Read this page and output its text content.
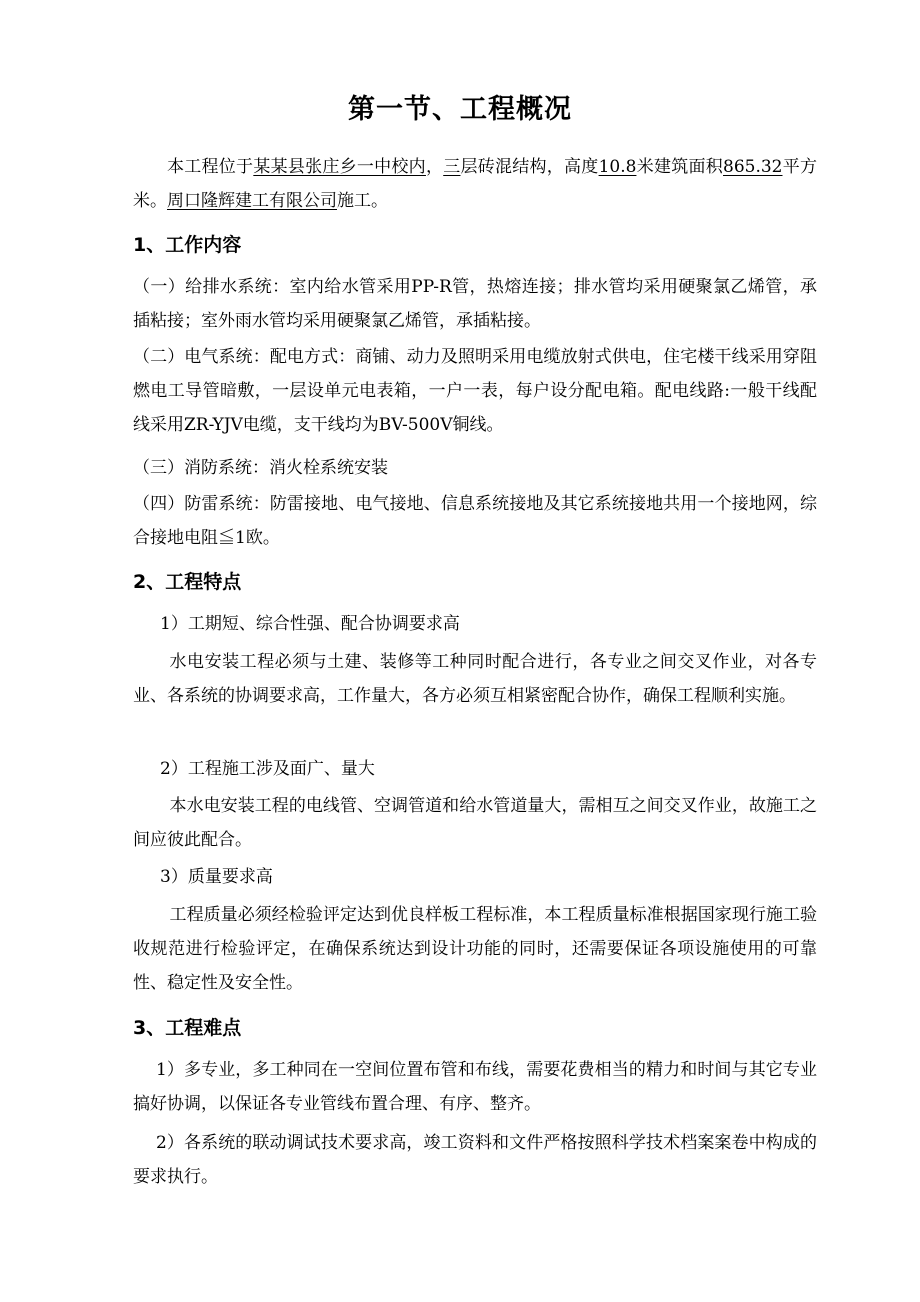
第一节、工程概况
本工程位于某某县张庄乡一中校内，三层砖混结构，高度10.8米建筑面积865.32平方米。周口隆辉建工有限公司施工。
1、工作内容
（一）给排水系统：室内给水管采用PP-R管，热熔连接；排水管均采用硬聚氯乙烯管，承插粘接；室外雨水管均采用硬聚氯乙烯管，承插粘接。
（二）电气系统：配电方式：商铺、动力及照明采用电缆放射式供电，住宅楼干线采用穿阻燃电工导管暗敷，一层设单元电表箱，一户一表，每户设分配电箱。配电线路:一般干线配线采用ZR-YJV电缆，支干线均为BV-500V铜线。
（三）消防系统：消火栓系统安装
（四）防雷系统：防雷接地、电气接地、信息系统接地及其它系统接地共用一个接地网，综合接地电阻≦1欧。
2、工程特点
1）工期短、综合性强、配合协调要求高
水电安装工程必须与土建、装修等工种同时配合进行，各专业之间交叉作业，对各专业、各系统的协调要求高，工作量大，各方必须互相紧密配合协作，确保工程顺利实施。
2）工程施工涉及面广、量大
本水电安装工程的电线管、空调管道和给水管道量大，需相互之间交叉作业，故施工之间应彼此配合。
3）质量要求高
工程质量必须经检验评定达到优良样板工程标准，本工程质量标准根据国家现行施工验收规范进行检验评定，在确保系统达到设计功能的同时，还需要保证各项设施使用的可靠性、稳定性及安全性。
3、工程难点
1）多专业，多工种同在一空间位置布管和布线，需要花费相当的精力和时间与其它专业搞好协调，以保证各专业管线布置合理、有序、整齐。
2）各系统的联动调试技术要求高，竣工资料和文件严格按照科学技术档案案卷中构成的要求执行。
